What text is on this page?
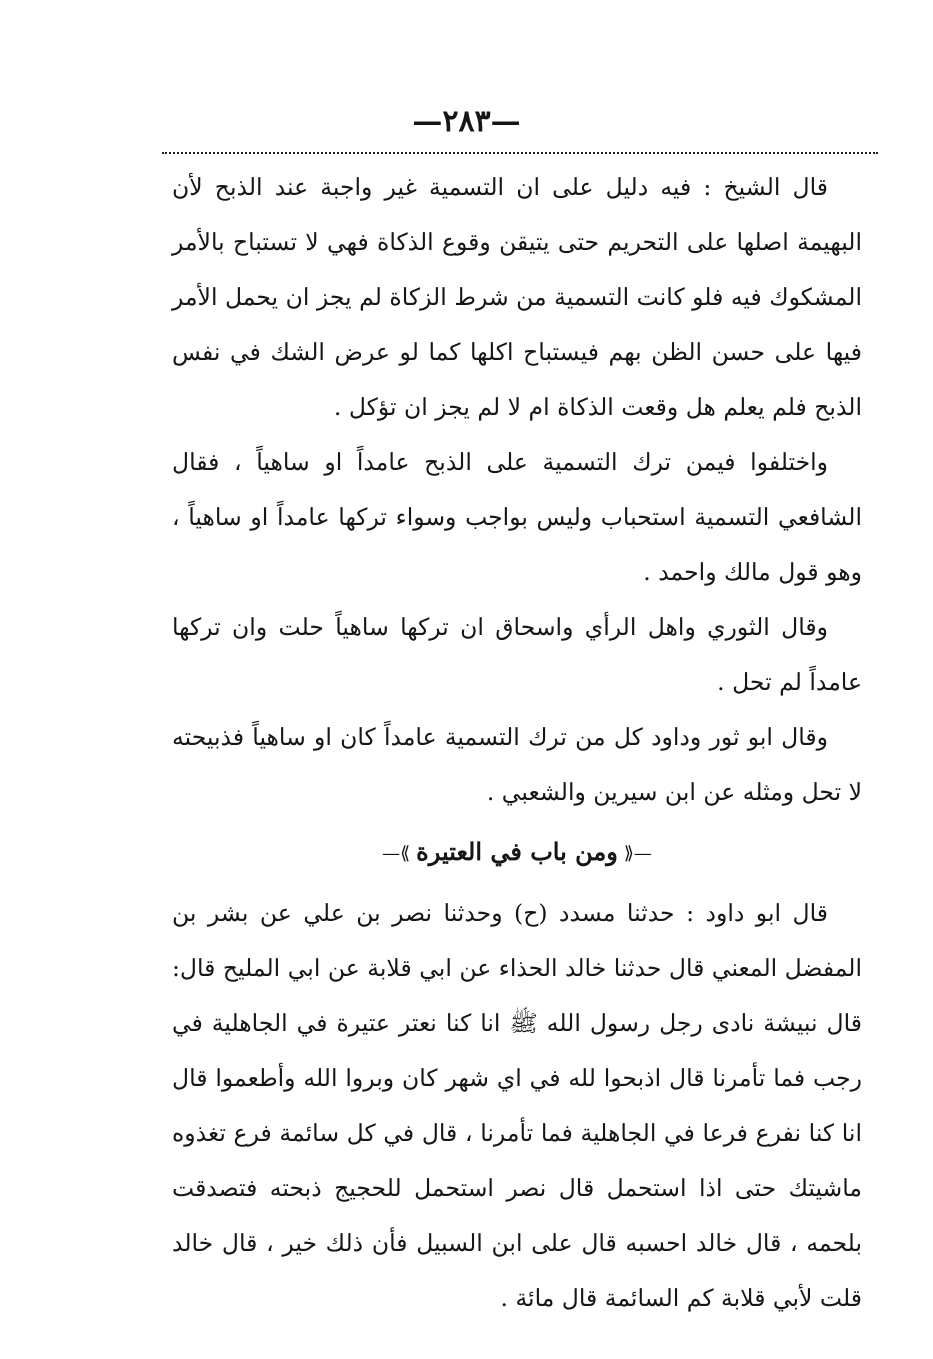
—٢٨٣—

قال الشيخ : فيه دليل على ان التسمية غير واجبة عند الذبح لأن البهيمة اصلها على التحريم حتى يتيقن وقوع الذكاة فهي لا تستباح بالأمر المشكوك فيه فلو كانت التسمية من شرط الزكاة لم يجز ان يحمل الأمر فيها على حسن الظن بهم فيستباح اكلها كما لو عرض الشك في نفس الذبح فلم يعلم هل وقعت الذكاة ام لا لم يجز ان تؤكل .

واختلفوا فيمن ترك التسمية على الذبح عامداً او ساهياً ، فقال الشافعي التسمية استحباب وليس بواجب وسواء تركها عامداً او ساهياً ، وهو قول مالك واحمد .

وقال الثوري واهل الرأي واسحاق ان تركها ساهياً حلت وان تركها عامداً لم تحل .

وقال ابو ثور وداود كل من ترك التسمية عامداً كان او ساهياً فذبيحته لا تحل ومثله عن ابن سيرين والشعبي .

—⟪ومن باب في العتيرة⟫—

قال ابو داود : حدثنا مسدد (ح) وحدثنا نصر بن علي عن بشر بن المفضل المعني قال حدثنا خالد الحذاء عن ابي قلابة عن ابي المليح قال: قال نبيشة نادى رجل رسول الله ﷺ انا كنا نعتر عتيرة في الجاهلية في رجب فما تأمرنا قال اذبحوا لله في اي شهر كان وبروا الله وأطعموا قال انا كنا نفرع فرعا في الجاهلية فما تأمرنا ، قال في كل سائمة فرع تغذوه ماشيتك حتى اذا استحمل قال نصر استحمل للحجيج ذبحته فتصدقت بلحمه ، قال خالد احسبه قال على ابن السبيل فأن ذلك خير ، قال خالد قلت لأبي قلابة كم السائمة قال مائة .
